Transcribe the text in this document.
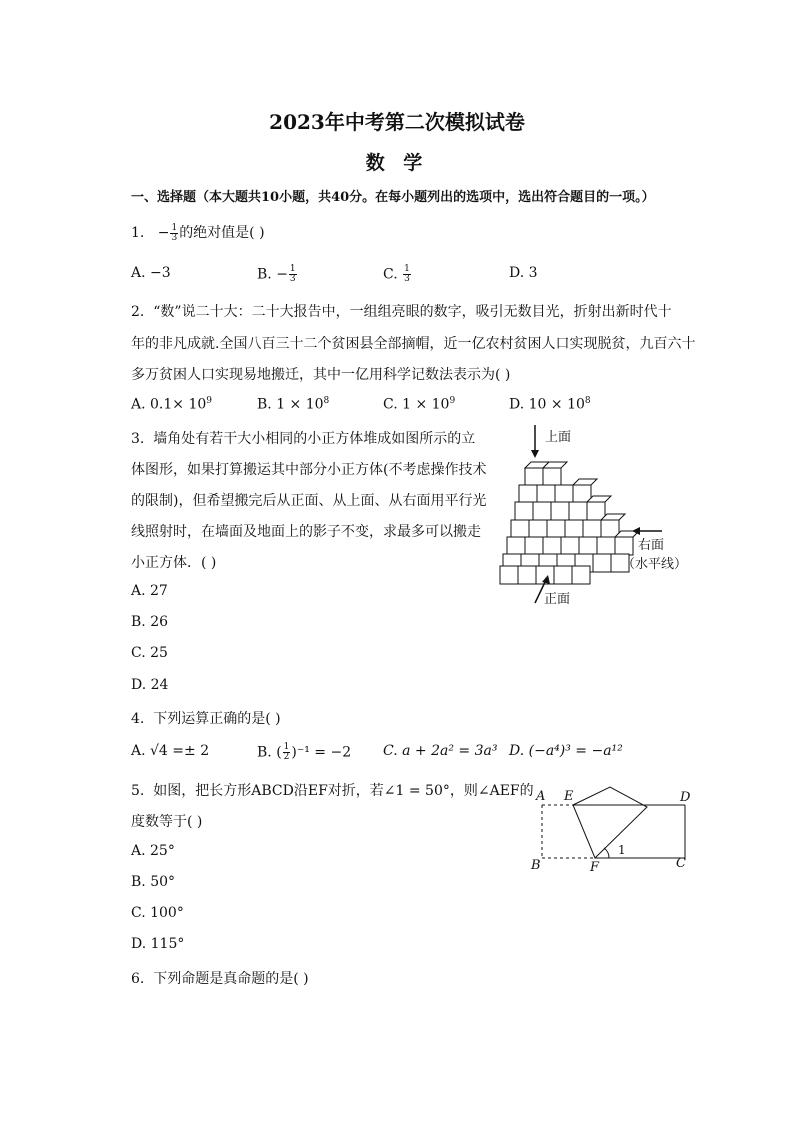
2023年中考第二次模拟试卷
数 学
一、选择题（本大题共10小题，共40分。在每小题列出的选项中，选出符合题目的一项。）
1. − $\frac{1}{3}$ 的绝对值是( )
A. −3	B. − $\frac{1}{3}$	C. $\frac{1}{3}$	D. 3
2. “数”说二十大：二十大报告中，一组组亮眼的数字，吸引无数目光，折射出新时代十
年的非凡成就.全国八百三十二个贫困县全部摘帽，近一亿农村贫困人口实现脱贫，九百六十
多万贫困人口实现易地搬迁，其中一亿用科学记数法表示为( )
A. $0.1\times 10^9$	B. $1 \times 10^8$	C. $1 \times 10^9$	D. $10 \times 10^8$
3. 墙角处有若干大小相同的小正方体堆成如图所示的立
体图形，如果打算搬运其中部分小正方体(不考虑操作技术
的限制)，但希望搬完后从正面、从上面、从右面用平行光
线照射时，在墙面及地面上的影子不变，求最多可以搬走
小正方体．( )
A. 27
B. 26
C. 25
D. 24
上面
右面
（水平线）
正面
4. 下列运算正确的是( )
A. √4 =± 2	B. ( $\frac{1}{2} )^{-1} = -2$ C. a + 2a² = 3a³ D. (−a⁴)³ = −a¹²
5. 如图，把长方形ABCD沿EF对折，若∠1 = 50°，则∠AEF的
度数等于( )
A. 25°
B. 50°
C. 100°
D. 115°
A E	D
B	F	C
1
6. 下列命题是真命题的是( )
